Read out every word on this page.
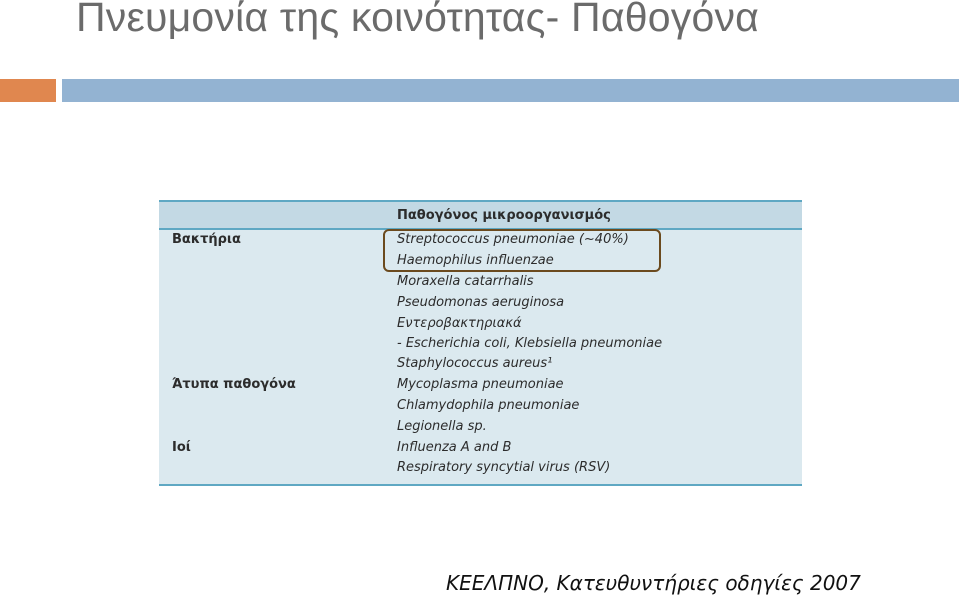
Πνευμονία της κοινότητας- Παθογόνα
Παθογόνος μικροοργανισμός
Βακτήρια
Άτυπα παθογόνα
Ιοί
Streptococcus pneumoniae (~40%)
Haemophilus influenzae
Moraxella catarrhalis
Pseudomonas aeruginosa
Εντεροβακτηριακά
- Escherichia coli, Klebsiella pneumoniae
Staphylococcus aureus¹
Mycoplasma pneumoniae
Chlamydophila pneumoniae
Legionella sp.
Influenza A and B
Respiratory syncytial virus (RSV)
ΚΕΕΛΠΝΟ, Κατευθυντήριες οδηγίες 2007
